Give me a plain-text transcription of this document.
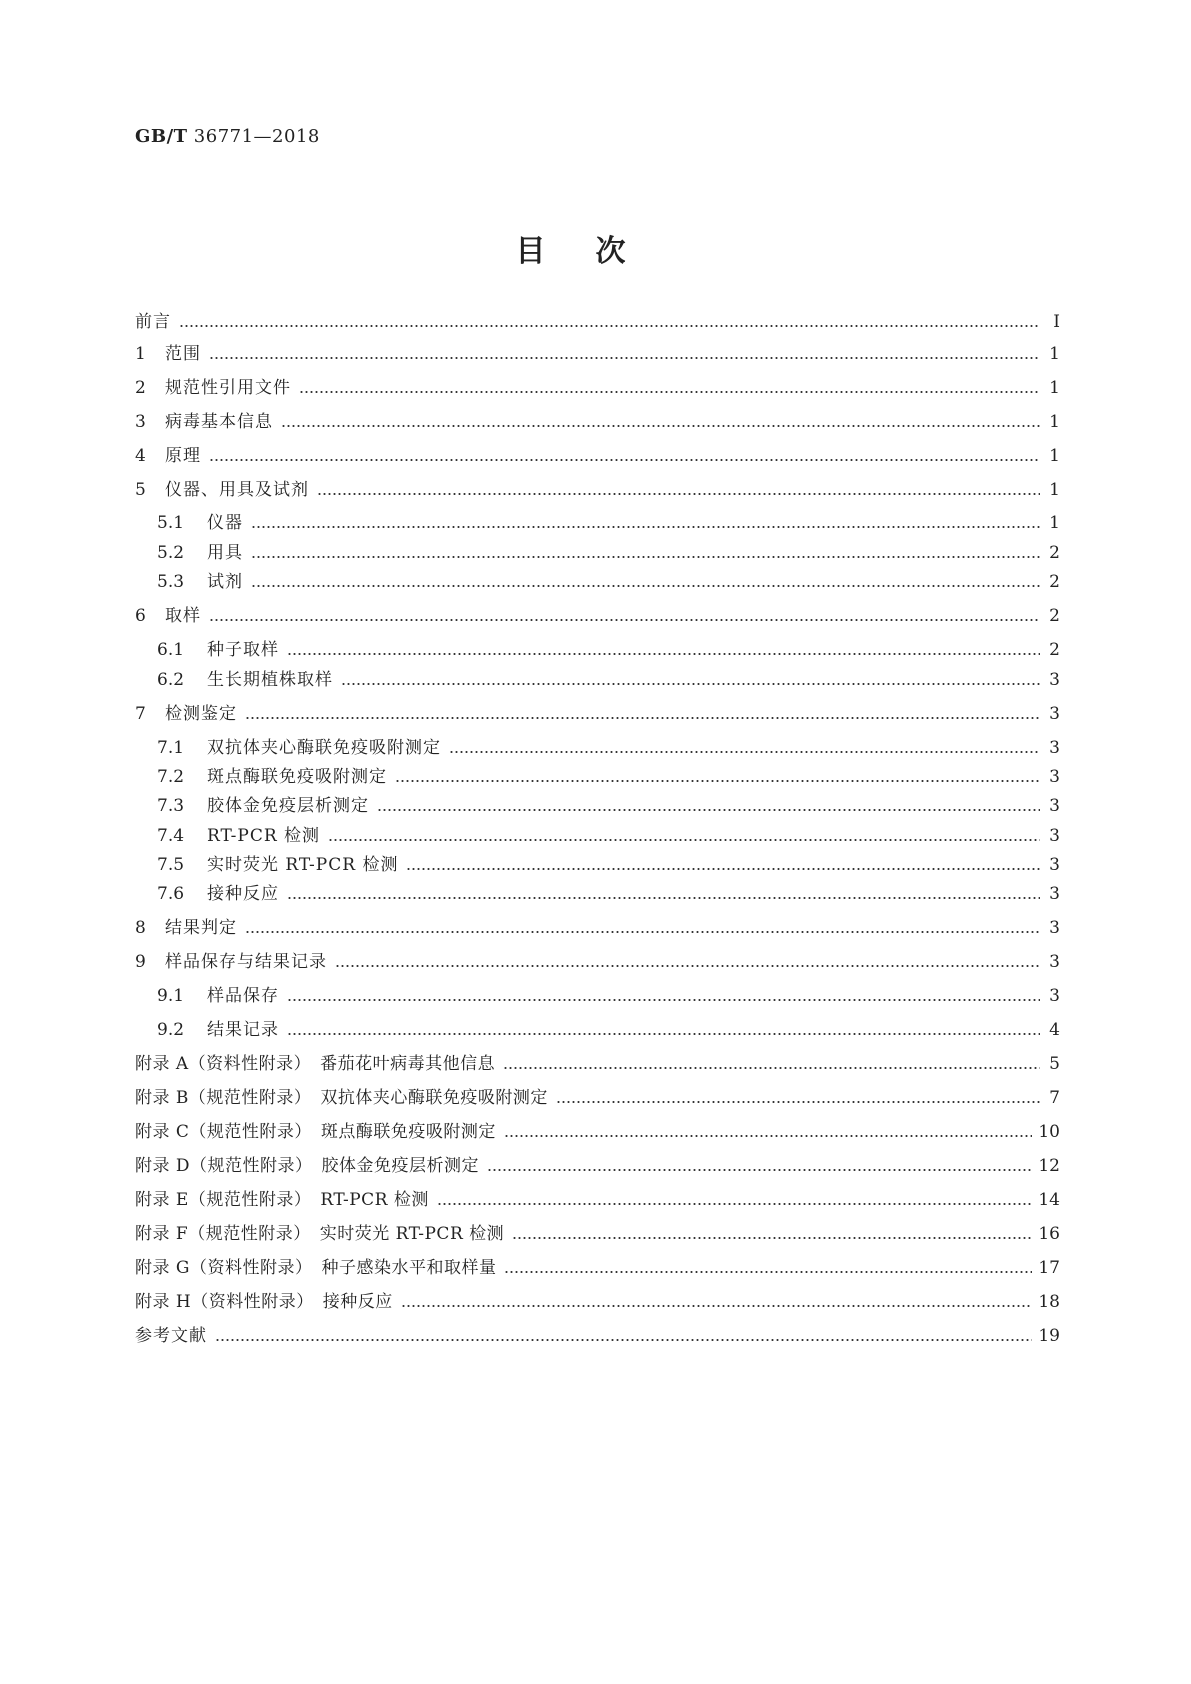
GB/T 36771—2018
目次
前言	Ⅰ
1	范围	1
2	规范性引用文件	1
3	病毒基本信息	1
4	原理	1
5	仪器、用具及试剂	1
5.1	仪器	1
5.2	用具	2
5.3	试剂	2
6	取样	2
6.1	种子取样	2
6.2	生长期植株取样	3
7	检测鉴定	3
7.1	双抗体夹心酶联免疫吸附测定	3
7.2	斑点酶联免疫吸附测定	3
7.3	胶体金免疫层析测定	3
7.4	RT-PCR 检测	3
7.5	实时荧光 RT-PCR 检测	3
7.6	接种反应	3
8	结果判定	3
9	样品保存与结果记录	3
9.1	样品保存	3
9.2	结果记录	4
附录 A（资料性附录）　番茄花叶病毒其他信息	5
附录 B（规范性附录）　双抗体夹心酶联免疫吸附测定	7
附录 C（规范性附录）　斑点酶联免疫吸附测定	10
附录 D（规范性附录）　胶体金免疫层析测定	12
附录 E（规范性附录）　RT-PCR 检测	14
附录 F（规范性附录）　实时荧光 RT-PCR 检测	16
附录 G（资料性附录）　种子感染水平和取样量	17
附录 H（资料性附录）　接种反应	18
参考文献	19
